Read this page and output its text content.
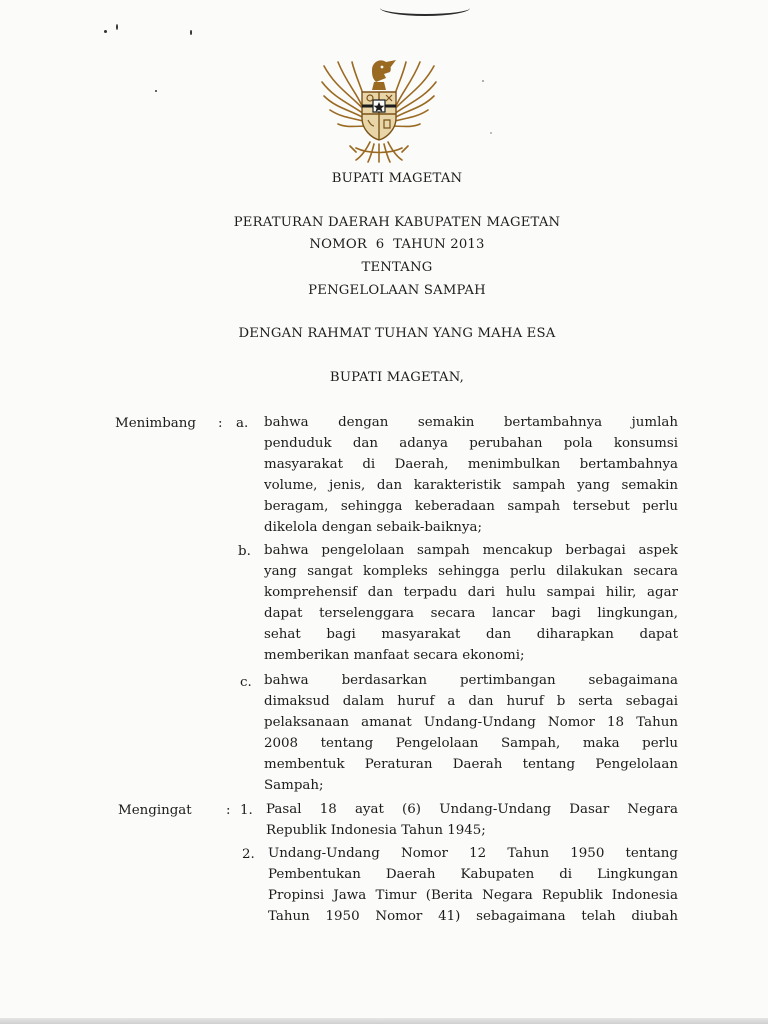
BUPATI MAGETAN
PERATURAN DAERAH KABUPATEN MAGETAN
NOMOR  6  TAHUN 2013
TENTANG
PENGELOLAAN SAMPAH
DENGAN RAHMAT TUHAN YANG MAHA ESA
BUPATI MAGETAN,
Menimbang : a. bahwa dengan semakin bertambahnya jumlah
penduduk dan adanya perubahan pola konsumsi
masyarakat di Daerah, menimbulkan bertambahnya
volume, jenis, dan karakteristik sampah yang semakin
beragam, sehingga keberadaan sampah tersebut perlu
dikelola dengan sebaik-baiknya;
b. bahwa pengelolaan sampah mencakup berbagai aspek
yang sangat kompleks sehingga perlu dilakukan secara
komprehensif dan terpadu dari hulu sampai hilir, agar
dapat terselenggara secara lancar bagi lingkungan,
sehat bagi masyarakat dan diharapkan dapat
memberikan manfaat secara ekonomi;
c. bahwa berdasarkan pertimbangan sebagaimana
dimaksud dalam huruf a dan huruf b serta sebagai
pelaksanaan amanat Undang-Undang Nomor 18 Tahun
2008 tentang Pengelolaan Sampah, maka perlu
membentuk Peraturan Daerah tentang Pengelolaan
Sampah;
Mengingat	: 1. Pasal 18 ayat (6) Undang-Undang Dasar Negara
Republik Indonesia Tahun 1945;
2. Undang-Undang Nomor 12 Tahun 1950 tentang
Pembentukan Daerah Kabupaten di Lingkungan
Propinsi Jawa Timur (Berita Negara Republik Indonesia
Tahun 1950 Nomor 41) sebagaimana telah diubah
